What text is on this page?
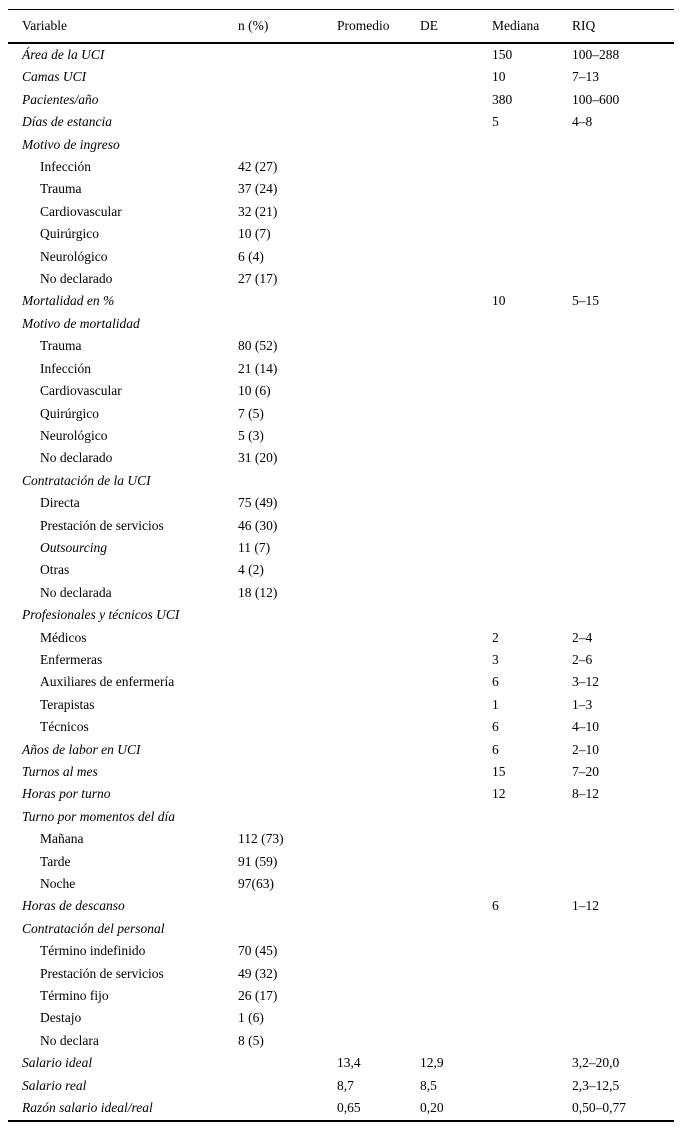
Variable	n (%)	Promedio	DE	Mediana	RIQ
Área de la UCI				150	100–288
Camas UCI				10	7–13
Pacientes/año				380	100–600
Días de estancia				5	4–8
Motivo de ingreso					
Infección	42 (27)				
Trauma	37 (24)				
Cardiovascular	32 (21)				
Quirúrgico	10 (7)				
Neurológico	6 (4)				
No declarado	27 (17)				
Mortalidad en %				10	5–15
Motivo de mortalidad					
Trauma	80 (52)				
Infección	21 (14)				
Cardiovascular	10 (6)				
Quirúrgico	7 (5)				
Neurológico	5 (3)				
No declarado	31 (20)				
Contratación de la UCI					
Directa	75 (49)				
Prestación de servicios	46 (30)				
Outsourcing	11 (7)				
Otras	4 (2)				
No declarada	18 (12)				
Profesionales y técnicos UCI					
Médicos				2	2–4
Enfermeras				3	2–6
Auxiliares de enfermería				6	3–12
Terapistas				1	1–3
Técnicos				6	4–10
Años de labor en UCI				6	2–10
Turnos al mes				15	7–20
Horas por turno				12	8–12
Turno por momentos del día					
Mañana	112 (73)				
Tarde	91 (59)				
Noche	97(63)				
Horas de descanso				6	1–12
Contratación del personal					
Término indefinido	70 (45)				
Prestación de servicios	49 (32)				
Término fijo	26 (17)				
Destajo	1 (6)				
No declara	8 (5)				
Salario ideal		13,4	12,9		3,2–20,0
Salario real		8,7	8,5		2,3–12,5
Razón salario ideal/real		0,65	0,20		0,50–0,77
